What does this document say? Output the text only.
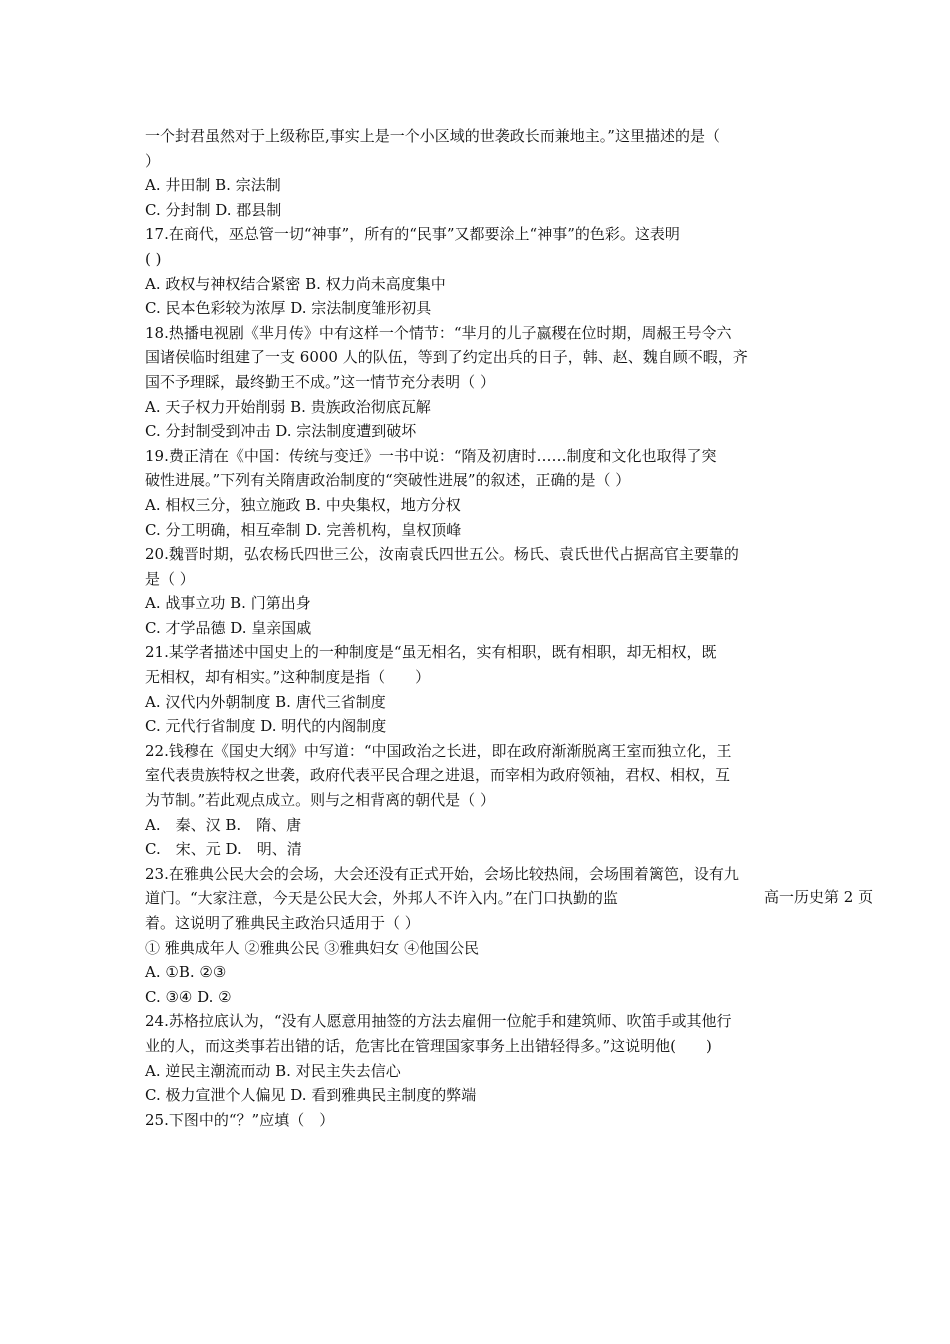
一个封君虽然对于上级称臣,事实上是一个小区域的世袭政长而兼地主。”这里描述的是（
）
A. 井田制 B. 宗法制
C. 分封制 D. 郡县制
17.在商代，巫总管一切“神事”，所有的“民事”又都要涂上“神事”的色彩。这表明
( )
A. 政权与神权结合紧密 B. 权力尚未高度集中
C. 民本色彩较为浓厚 D. 宗法制度雏形初具
18.热播电视剧《芈月传》中有这样一个情节：“芈月的儿子嬴稷在位时期，周赧王号令六
国诸侯临时组建了一支 6000 人的队伍，等到了约定出兵的日子，韩、赵、魏自顾不暇，齐
国不予理睬，最终勤王不成。”这一情节充分表明（ ）
A. 天子权力开始削弱 B. 贵族政治彻底瓦解
C. 分封制受到冲击 D. 宗法制度遭到破坏
19.费正清在《中国：传统与变迁》一书中说：“隋及初唐时……制度和文化也取得了突
破性进展。”下列有关隋唐政治制度的“突破性进展”的叙述，正确的是（ ）
A. 相权三分，独立施政 B. 中央集权，地方分权
C. 分工明确，相互牵制 D. 完善机构，皇权顶峰
20.魏晋时期，弘农杨氏四世三公，汝南袁氏四世五公。杨氏、袁氏世代占据高官主要靠的
是（ ）
A. 战事立功 B. 门第出身
C. 才学品德 D. 皇亲国戚
21.某学者描述中国史上的一种制度是“虽无相名，实有相职，既有相职，却无相权，既
无相权，却有相实。”这种制度是指（　　）
A. 汉代内外朝制度 B. 唐代三省制度
C. 元代行省制度 D. 明代的内阁制度
22.钱穆在《国史大纲》中写道：“中国政治之长进，即在政府渐渐脱离王室而独立化，王
室代表贵族特权之世袭，政府代表平民合理之进退，而宰相为政府领袖，君权、相权，互
为节制。”若此观点成立。则与之相背离的朝代是（ ）
A.　秦、汉 B.　隋、唐
C.　宋、元 D.　明、清
23.在雅典公民大会的会场，大会还没有正式开始，会场比较热闹，会场围着篱笆，设有九
道门。“大家注意，今天是公民大会，外邦人不许入内。”在门口执勤的监
着。这说明了雅典民主政治只适用于（ ）
① 雅典成年人 ②雅典公民 ③雅典妇女 ④他国公民
A. ①B. ②③
C. ③④ D. ②
24.苏格拉底认为，“没有人愿意用抽签的方法去雇佣一位舵手和建筑师、吹笛手或其他行
业的人，而这类事若出错的话，危害比在管理国家事务上出错轻得多。”这说明他(　　)
A. 逆民主潮流而动 B. 对民主失去信心
C. 极力宣泄个人偏见 D. 看到雅典民主制度的弊端
25.下图中的“？”应填（　）
高一历史第 2 页
